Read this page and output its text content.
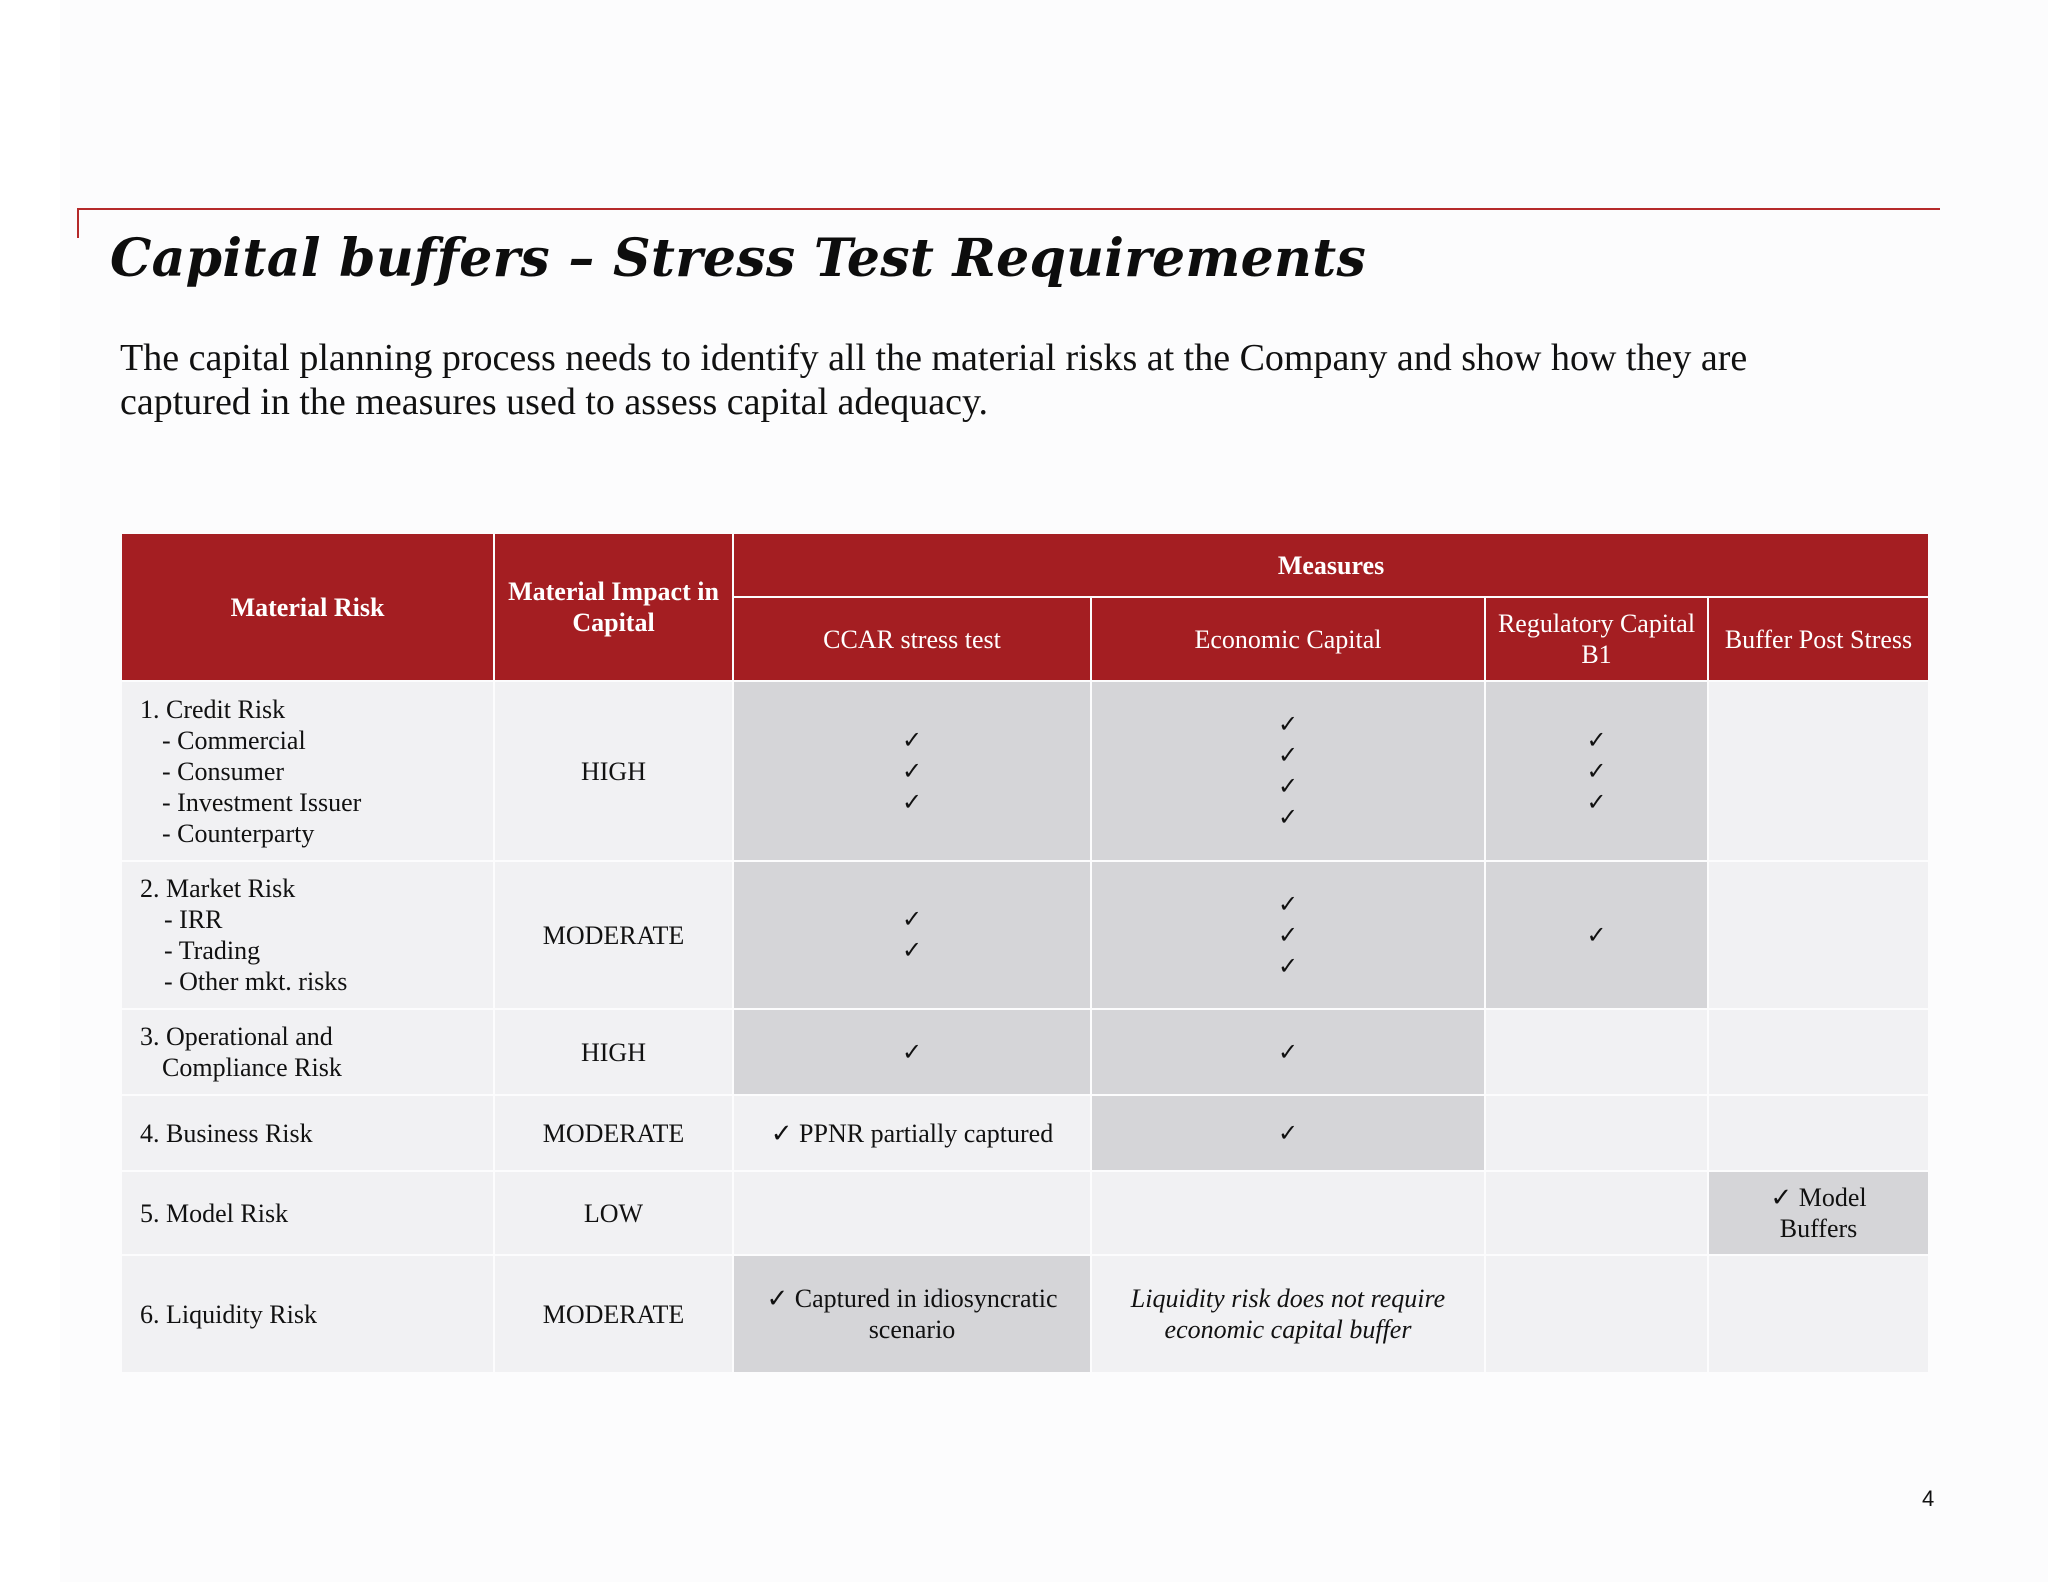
Capital buffers – Stress Test Requirements
The capital planning process needs to identify all the material risks at the Company and show how they are captured in the measures used to assess capital adequacy.
Material Risk	Material Impact in Capital	Measures			
		CCAR stress test	Economic Capital	Regulatory Capital B1	Buffer Post Stress
1. Credit Risk
- Commercial
- Consumer
- Investment Issuer
- Counterparty	HIGH	✓
✓
✓	✓
✓
✓
✓	✓
✓
✓	

2. Market Risk
- IRR
- Trading
- Other mkt. risks	MODERATE	✓
✓	✓
✓
✓	✓	

3. Operational and
Compliance Risk	HIGH	✓	✓		

4. Business Risk	MODERATE	✓ PPNR partially captured	✓		

5. Model Risk	LOW				✓ Model
Buffers

6. Liquidity Risk	MODERATE	✓ Captured in idiosyncratic
scenario	Liquidity risk does not require
economic capital buffer		

4
